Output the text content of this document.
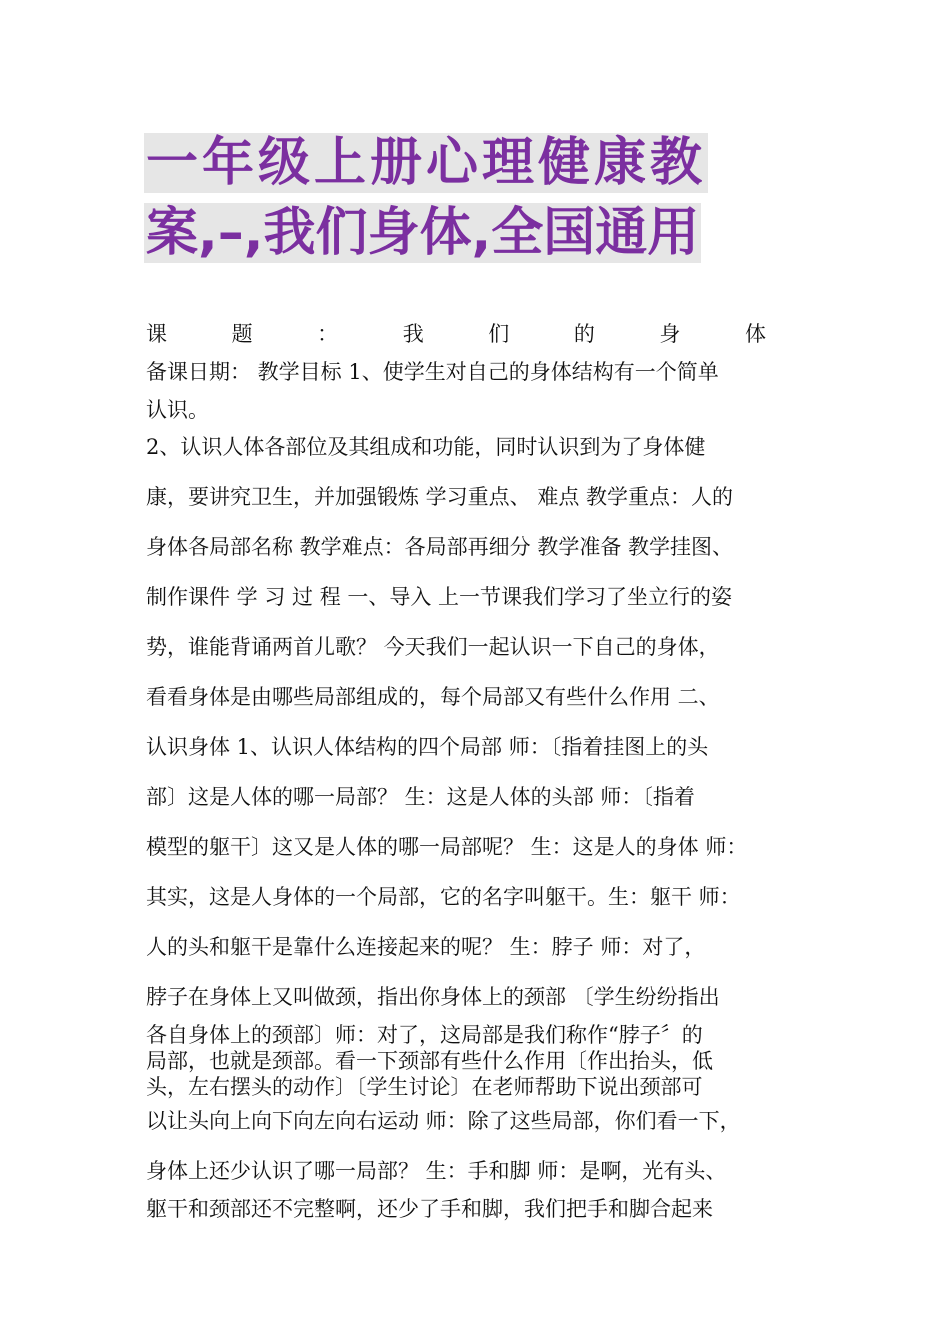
一年级上册心理健康教
案,–,我们身体,全国通用
课	题	：	我	们	的	身	体
备课日期： 教学目标 1、使学生对自己的身体结构有一个简单
认识。
2、认识人体各部位及其组成和功能，同时认识到为了身体健
康，要讲究卫生，并加强锻炼 学习重点、 难点 教学重点：人的
身体各局部名称 教学难点：各局部再细分 教学准备 教学挂图、
制作课件 学 习 过 程 一、导入 上一节课我们学习了坐立行的姿
势，谁能背诵两首儿歌？ 今天我们一起认识一下自己的身体，
看看身体是由哪些局部组成的，每个局部又有些什么作用 二、
认识身体 1、认识人体结构的四个局部 师：〔指着挂图上的头
部〕这是人体的哪一局部？ 生：这是人体的头部 师：〔指着
模型的躯干〕这又是人体的哪一局部呢？ 生：这是人的身体 师：
其实，这是人身体的一个局部，它的名字叫躯干。生：躯干 师：
人的头和躯干是靠什么连接起来的呢？ 生：脖子 师：对了，
脖子在身体上又叫做颈，指出你身体上的颈部 〔学生纷纷指出
各自身体上的颈部〕师：对了，这局部是我们称作“脖子〞的
局部，也就是颈部。看一下颈部有些什么作用〔作出抬头，低
头，左右摆头的动作〕〔学生讨论〕在老师帮助下说出颈部可
以让头向上向下向左向右运动 师：除了这些局部，你们看一下，
身体上还少认识了哪一局部？ 生：手和脚 师：是啊，光有头、
躯干和颈部还不完整啊，还少了手和脚，我们把手和脚合起来
